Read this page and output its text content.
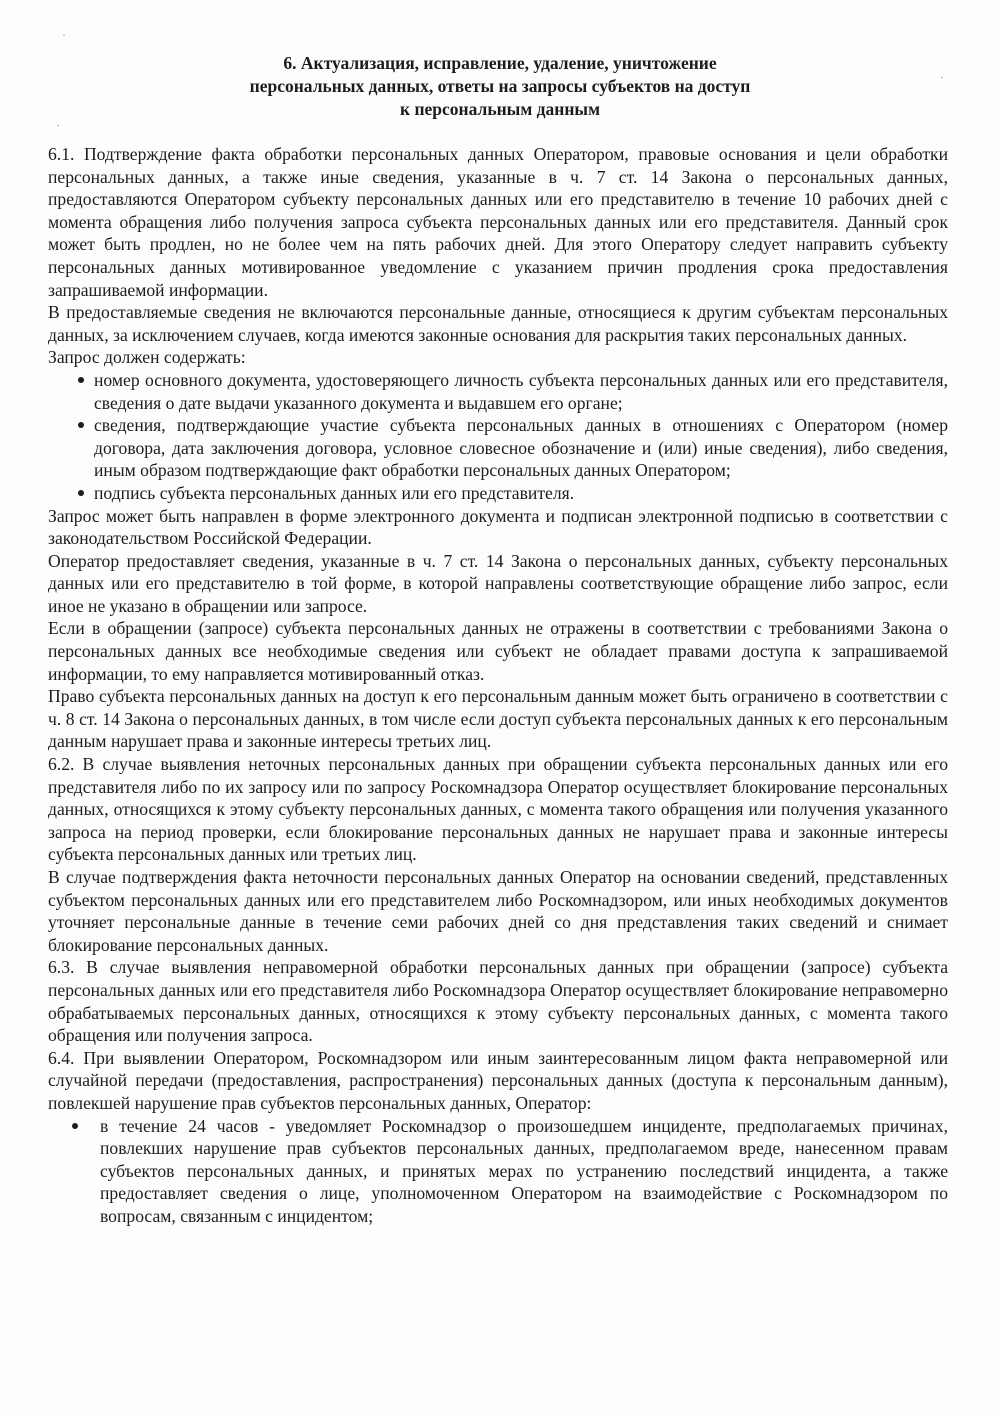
·
·
·
6. Актуализация, исправление, удаление, уничтожение
персональных данных, ответы на запросы субъектов на доступ
к персональным данным
6.1. Подтверждение факта обработки персональных данных Оператором, правовые основания и цели обработки персональных данных, а также иные сведения, указанные в ч. 7 ст. 14 Закона о персональных данных, предоставляются Оператором субъекту персональных данных или его представителю в течение 10 рабочих дней с момента обращения либо получения запроса субъекта персональных данных или его представителя. Данный срок может быть продлен, но не более чем на пять рабочих дней. Для этого Оператору следует направить субъекту персональных данных мотивированное уведомление с указанием причин продления срока предоставления запрашиваемой информации.
В предоставляемые сведения не включаются персональные данные, относящиеся к другим субъектам персональных данных, за исключением случаев, когда имеются законные основания для раскрытия таких персональных данных.
Запрос должен содержать:
номер основного документа, удостоверяющего личность субъекта персональных данных или его представителя, сведения о дате выдачи указанного документа и выдавшем его органе;
сведения, подтверждающие участие субъекта персональных данных в отношениях с Оператором (номер договора, дата заключения договора, условное словесное обозначение и (или) иные сведения), либо сведения, иным образом подтверждающие факт обработки персональных данных Оператором;
подпись субъекта персональных данных или его представителя.
Запрос может быть направлен в форме электронного документа и подписан электронной подписью в соответствии с законодательством Российской Федерации.
Оператор предоставляет сведения, указанные в ч. 7 ст. 14 Закона о персональных данных, субъекту персональных данных или его представителю в той форме, в которой направлены соответствующие обращение либо запрос, если иное не указано в обращении или запросе.
Если в обращении (запросе) субъекта персональных данных не отражены в соответствии с требованиями Закона о персональных данных все необходимые сведения или субъект не обладает правами доступа к запрашиваемой информации, то ему направляется мотивированный отказ.
Право субъекта персональных данных на доступ к его персональным данным может быть ограничено в соответствии с ч. 8 ст. 14 Закона о персональных данных, в том числе если доступ субъекта персональных данных к его персональным данным нарушает права и законные интересы третьих лиц.
6.2. В случае выявления неточных персональных данных при обращении субъекта персональных данных или его представителя либо по их запросу или по запросу Роскомнадзора Оператор осуществляет блокирование персональных данных, относящихся к этому субъекту персональных данных, с момента такого обращения или получения указанного запроса на период проверки, если блокирование персональных данных не нарушает права и законные интересы субъекта персональных данных или третьих лиц.
В случае подтверждения факта неточности персональных данных Оператор на основании сведений, представленных субъектом персональных данных или его представителем либо Роскомнадзором, или иных необходимых документов уточняет персональные данные в течение семи рабочих дней со дня представления таких сведений и снимает блокирование персональных данных.
6.3. В случае выявления неправомерной обработки персональных данных при обращении (запросе) субъекта персональных данных или его представителя либо Роскомнадзора Оператор осуществляет блокирование неправомерно обрабатываемых персональных данных, относящихся к этому субъекту персональных данных, с момента такого обращения или получения запроса.
6.4. При выявлении Оператором, Роскомнадзором или иным заинтересованным лицом факта неправомерной или случайной передачи (предоставления, распространения) персональных данных (доступа к персональным данным), повлекшей нарушение прав субъектов персональных данных, Оператор:
в течение 24 часов - уведомляет Роскомнадзор о произошедшем инциденте, предполагаемых причинах, повлекших нарушение прав субъектов персональных данных, предполагаемом вреде, нанесенном правам субъектов персональных данных, и принятых мерах по устранению последствий инцидента, а также предоставляет сведения о лице, уполномоченном Оператором на взаимодействие с Роскомнадзором по вопросам, связанным с инцидентом;
